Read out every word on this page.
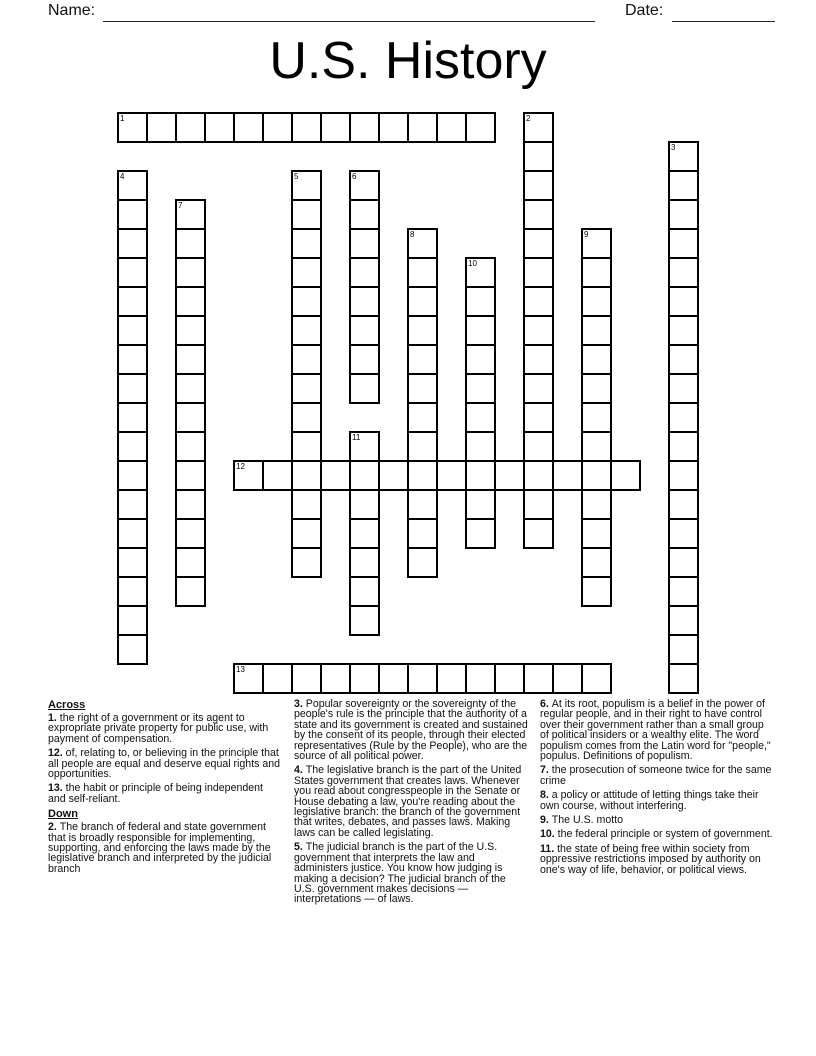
Name:	Date:
U.S. History
1	2
3
4	5	6
7
8	9
10
11
12
13
Across

1. the right of a government or its agent to expropriate private property for public use, with payment of compensation.

12. of, relating to, or believing in the principle that all people are equal and deserve equal rights and opportunities.

13. the habit or principle of being independent and self-reliant.

Down

2. The branch of federal and state government that is broadly responsible for implementing, supporting, and enforcing the laws made by the legislative branch and interpreted by the judicial branch

3. Popular sovereignty or the sovereignty of the people's rule is the principle that the authority of a state and its government is created and sustained by the consent of its people, through their elected representatives (Rule by the People), who are the source of all political power.

4. The legislative branch is the part of the United States government that creates laws. Whenever you read about congresspeople in the Senate or House debating a law, you're reading about the legislative branch: the branch of the government that writes, debates, and passes laws. Making laws can be called legislating.

5. The judicial branch is the part of the U.S. government that interprets the law and administers justice. You know how judging is making a decision? The judicial branch of the U.S. government makes decisions — interpretations — of laws.

6. At its root, populism is a belief in the power of regular people, and in their right to have control over their government rather than a small group of political insiders or a wealthy elite. The word populism comes from the Latin word for "people," populus. Definitions of populism.

7. the prosecution of someone twice for the same crime

8. a policy or attitude of letting things take their own course, without interfering.

9. The U.S. motto

10. the federal principle or system of government.

11. the state of being free within society from oppressive restrictions imposed by authority on one's way of life, behavior, or political views.
